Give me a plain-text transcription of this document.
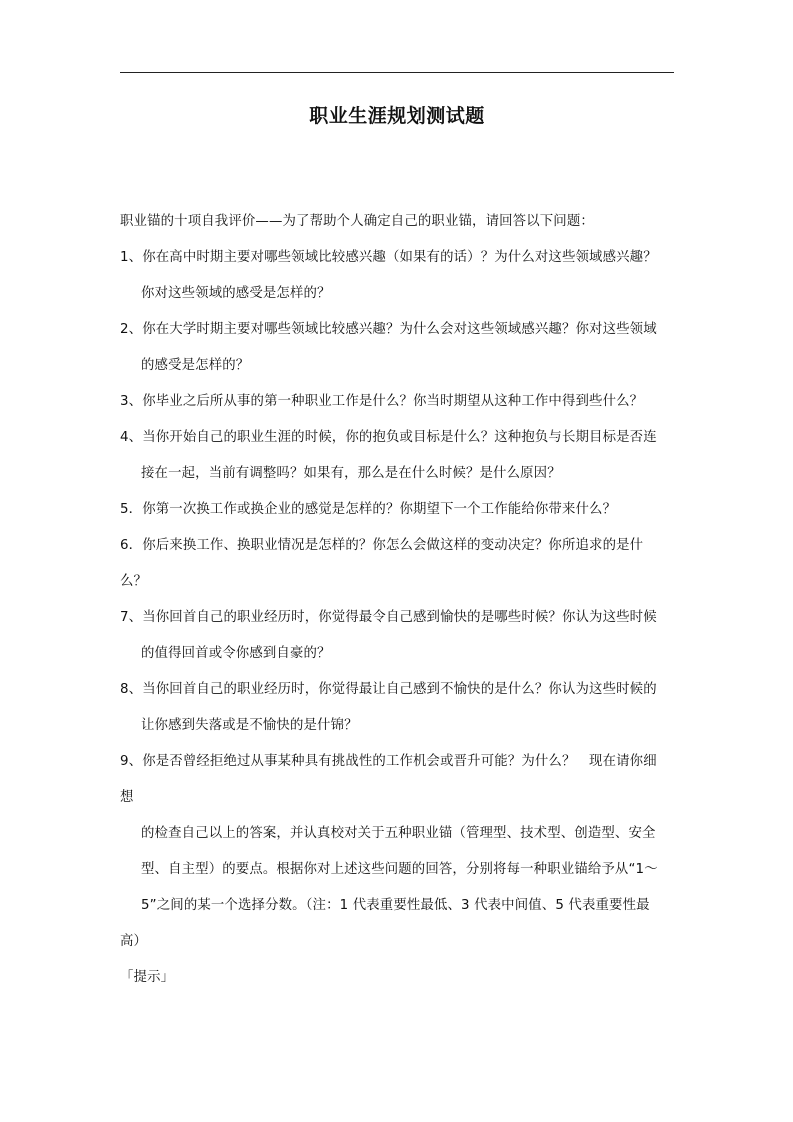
职业生涯规划测试题
职业锚的十项自我评价——为了帮助个人确定自己的职业锚，请回答以下问题：
1、你在高中时期主要对哪些领域比较感兴趣（如果有的话）？为什么对这些领域感兴趣？
你对这些领域的感受是怎样的？
2、你在大学时期主要对哪些领域比较感兴趣？为什么会对这些领域感兴趣？你对这些领域
的感受是怎样的？
3、你毕业之后所从事的第一种职业工作是什么？你当时期望从这种工作中得到些什么？
4、当你开始自己的职业生涯的时候，你的抱负或目标是什么？这种抱负与长期目标是否连
接在一起，当前有调整吗？如果有，那么是在什么时候？是什么原因？
5．你第一次换工作或换企业的感觉是怎样的？你期望下一个工作能给你带来什么？
6．你后来换工作、换职业情况是怎样的？你怎么会做这样的变动决定？你所追求的是什
么？
7、当你回首自己的职业经历时，你觉得最令自己感到愉快的是哪些时候？你认为这些时候
的值得回首或令你感到自豪的？
8、当你回首自己的职业经历时，你觉得最让自己感到不愉快的是什么？你认为这些时候的
让你感到失落或是不愉快的是什锦？
9、你是否曾经拒绝过从事某种具有挑战性的工作机会或晋升可能？为什么？　现在请你细
想
的检查自己以上的答案，并认真校对关于五种职业锚（管理型、技术型、创造型、安全
型、自主型）的要点。根据你对上述这些问题的回答，分别将每一种职业锚给予从“1～
5”之间的某一个选择分数。（注：1 代表重要性最低、3 代表中间值、5 代表重要性最
高）
「提示」
